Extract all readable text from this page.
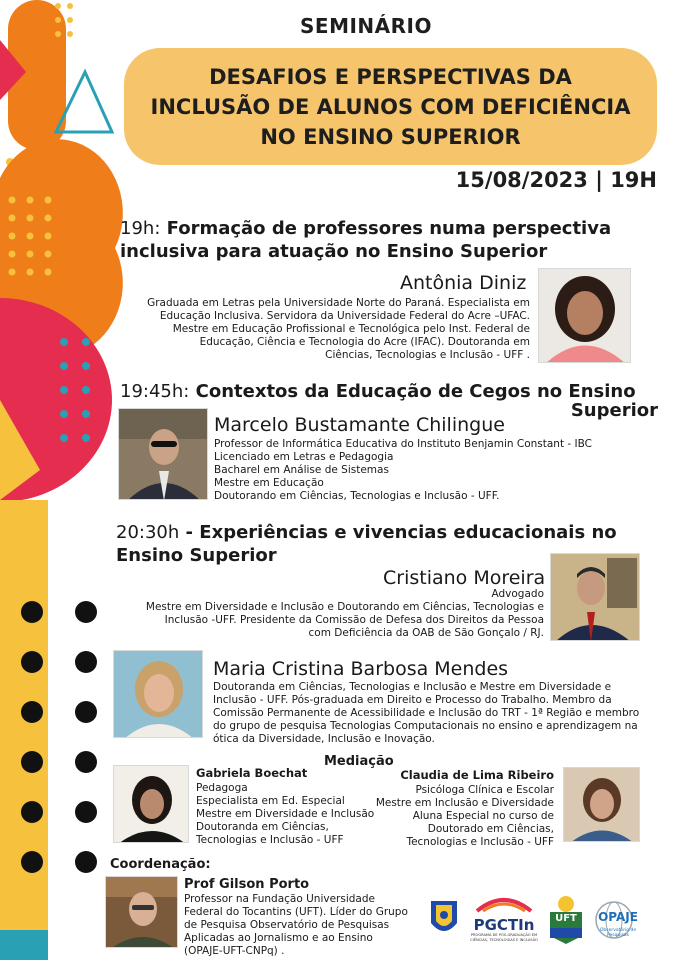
SEMINÁRIO
DESAFIOS E PERSPECTIVAS DA
INCLUSÃO DE ALUNOS COM DEFICIÊNCIA
NO ENSINO SUPERIOR
15/08/2023 | 19H
19h: Formação de professores numa perspectiva inclusiva para atuação no Ensino Superior
Antônia Diniz
Graduada em Letras pela Universidade Norte do Paraná. Especialista em
Educação Inclusiva. Servidora da Universidade Federal do Acre –UFAC.
Mestre em Educação Profissional e Tecnológica pelo Inst. Federal de
Educação, Ciência e Tecnologia do Acre (IFAC). Doutoranda em
Ciências, Tecnologias e Inclusão - UFF .
19:45h: Contextos da Educação de Cegos no Ensino
Superior
Marcelo Bustamante Chilingue
Professor de Informática Educativa do Instituto Benjamin Constant - IBC
Licenciado em Letras e Pedagogia
Bacharel em Análise de Sistemas
Mestre em Educação
Doutorando em Ciências, Tecnologias e Inclusão - UFF.
20:30h - Experiências e vivencias educacionais no
Ensino Superior
Cristiano Moreira
Advogado
Mestre em Diversidade e Inclusão e Doutorando em Ciências, Tecnologias e
Inclusão -UFF. Presidente da Comissão de Defesa dos Direitos da Pessoa
com Deficiência da OAB de São Gonçalo / RJ.
Maria Cristina Barbosa Mendes
Doutoranda em Ciências, Tecnologias e Inclusão e Mestre em Diversidade e
Inclusão - UFF. Pós-graduada em Direito e Processo do Trabalho. Membro da
Comissão Permanente de Acessibilidade e Inclusão do TRT - 1ª Região e membro
do grupo de pesquisa Tecnologias Computacionais no ensino e aprendizagem na
ótica da Diversidade, Inclusão e Inovação.
Mediação
Gabriela Boechat
Pedagoga
Especialista em Ed. Especial
Mestre em Diversidade e Inclusão
Doutoranda em Ciências,
Tecnologias e Inclusão - UFF
Claudia de Lima Ribeiro
Psicóloga Clínica e Escolar
Mestre em Inclusão e Diversidade
Aluna Especial no curso de
Doutorado em Ciências,
Tecnologias e Inclusão - UFF
Coordenação:
Prof Gilson Porto
Professor na Fundação Universidade
Federal do Tocantins (UFT). Líder do Grupo
de Pesquisa Observatório de Pesquisas
Aplicadas ao Jornalismo e ao Ensino
(OPAJE-UFT-CNPq) .
PGCTIn
PROGRAMA DE PÓS-GRADUAÇÃO EM CIÊNCIAS, TECNOLOGIAS E INCLUSÃO
UFT	OPAJE
Observatório de Pesquisas
